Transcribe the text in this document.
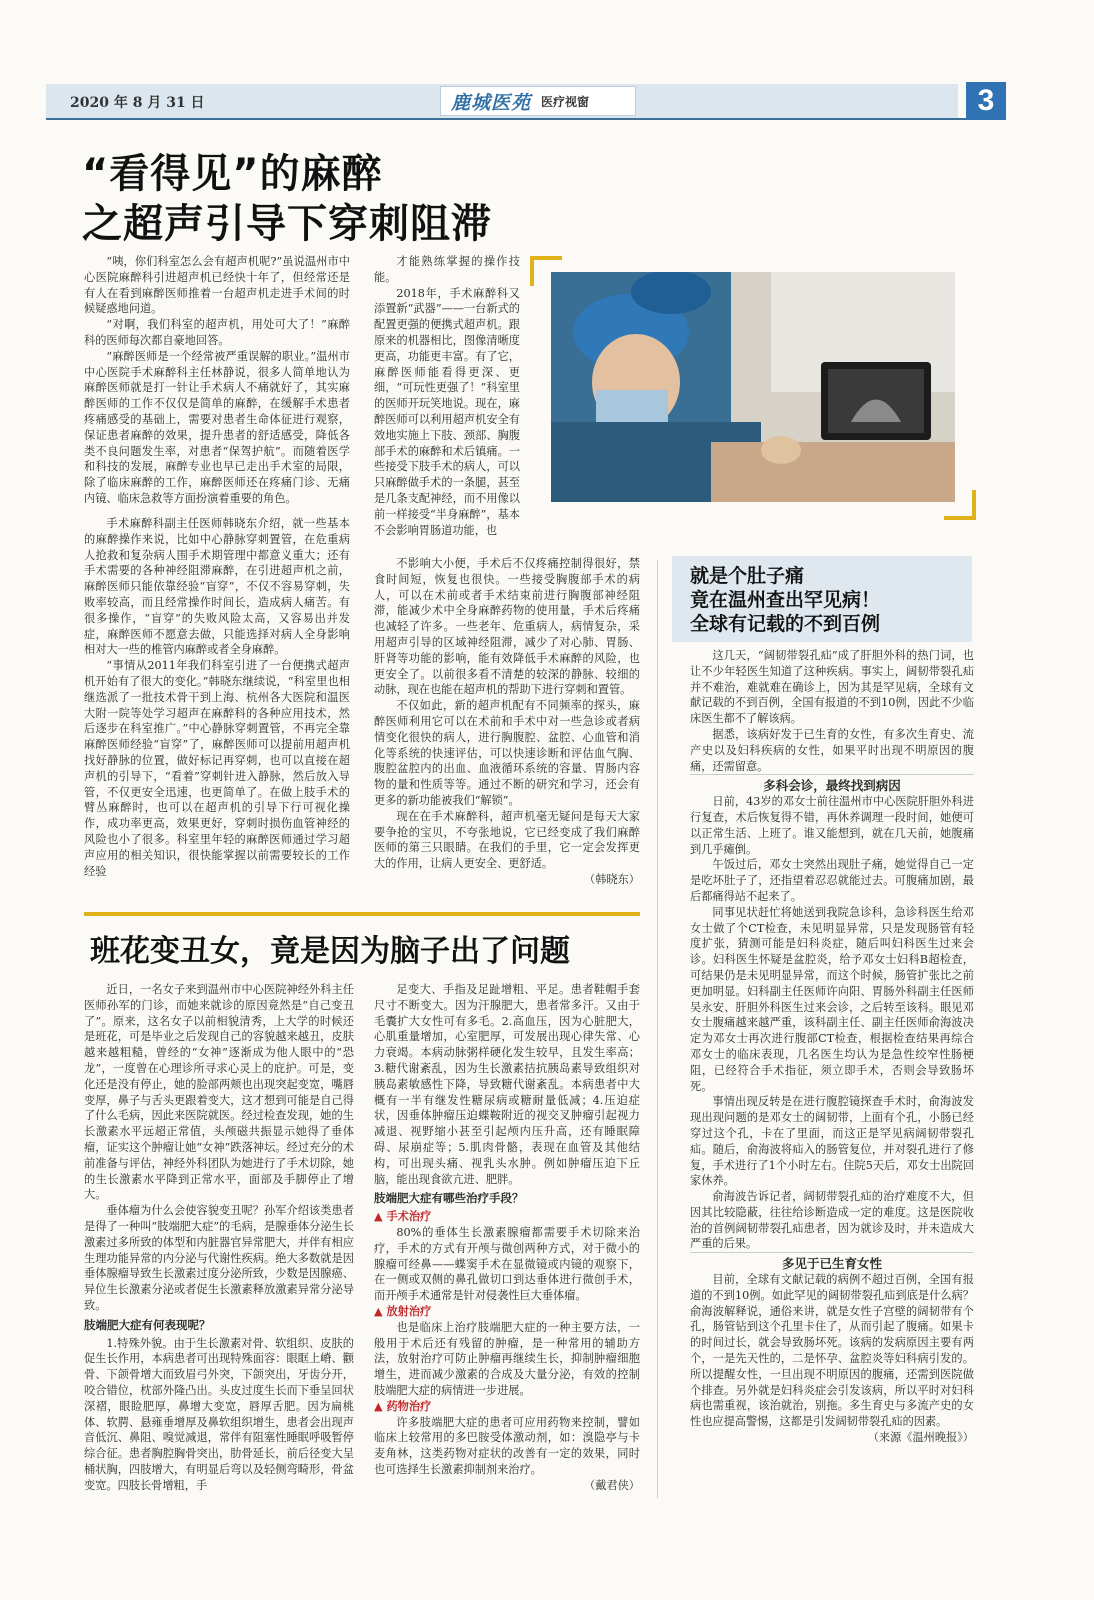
2020 年 8 月 31 日	鹿城医苑 医疗视窗	3
“看得见”的麻醉
之超声引导下穿刺阻滞

“咦，你们科室怎么会有超声机呢?”虽说温州市中心医院麻醉科引进超声机已经快十年了，但经常还是有人在看到麻醉医师推着一台超声机走进手术间的时候疑惑地问道。

“对啊，我们科室的超声机，用处可大了！”麻醉科的医师每次都自豪地回答。

“麻醉医师是一个经常被严重误解的职业。”温州市中心医院手术麻醉科主任林静说，很多人简单地认为麻醉医师就是打一针让手术病人不痛就好了，其实麻醉医师的工作不仅仅是简单的麻醉，在缓解手术患者疼痛感受的基础上，需要对患者生命体征进行观察，保证患者麻醉的效果，提升患者的舒适感受，降低各类不良问题发生率，对患者“保驾护航”。而随着医学和科技的发展，麻醉专业也早已走出手术室的局限，除了临床麻醉的工作，麻醉医师还在疼痛门诊、无痛内镜、临床急救等方面扮演着重要的角色。

手术麻醉科副主任医师韩晓东介绍，就一些基本的麻醉操作来说，比如中心静脉穿刺置管，在危重病人抢救和复杂病人围手术期管理中都意义重大；还有手术需要的各种神经阻滞麻醉，在引进超声机之前，麻醉医师只能依靠经验“盲穿”，不仅不容易穿刺，失败率较高，而且经常操作时间长，造成病人痛苦。有很多操作，“盲穿”的失败风险太高，又容易出并发症，麻醉医师不愿意去做，只能选择对病人全身影响相对大一些的椎管内麻醉或者全身麻醉。

“事情从2011年我们科室引进了一台便携式超声机开始有了很大的变化。”韩晓东继续说，“科室里也相继选派了一批技术骨干到上海、杭州各大医院和温医大附一院等处学习超声在麻醉科的各种应用技术，然后逐步在科室推广。”中心静脉穿刺置管，不再完全靠麻醉医师经验“盲穿”了，麻醉医师可以提前用超声机找好静脉的位置，做好标记再穿刺，也可以直接在超声机的引导下，“看着”穿刺针进入静脉，然后放入导管，不仅更安全迅速，也更简单了。在做上肢手术的臂丛麻醉时，也可以在超声机的引导下行可视化操作，成功率更高，效果更好，穿刺时损伤血管神经的风险也小了很多。科室里年轻的麻醉医师通过学习超声应用的相关知识，很快能掌握以前需要较长的工作经验

才能熟练掌握的操作技能。

2018年，手术麻醉科又添置新“武器”——一台新式的配置更强的便携式超声机。跟原来的机器相比，图像清晰度更高，功能更丰富。有了它，麻醉医师能看得更深、更细，“可玩性更强了！”科室里的医师开玩笑地说。现在，麻醉医师可以利用超声机安全有效地实施上下肢、颈部、胸腹部手术的麻醉和术后镇痛。一些接受下肢手术的病人，可以只麻醉做手术的一条腿，甚至是几条支配神经，而不用像以前一样接受“半身麻醉”，基本不会影响胃肠道功能，也

不影响大小便，手术后不仅疼痛控制得很好，禁食时间短，恢复也很快。一些接受胸腹部手术的病人，可以在术前或者手术结束前进行胸腹部神经阻滞，能减少术中全身麻醉药物的使用量，手术后疼痛也减轻了许多。一些老年、危重病人，病情复杂，采用超声引导的区域神经阻滞，减少了对心肺、胃肠、肝肾等功能的影响，能有效降低手术麻醉的风险，也更安全了。以前很多看不清楚的较深的静脉、较细的动脉，现在也能在超声机的帮助下进行穿刺和置管。

不仅如此，新的超声机配有不同频率的探头，麻醉医师利用它可以在术前和手术中对一些急诊或者病情变化很快的病人，进行胸腹腔、盆腔、心血管和消化等系统的快速评估，可以快速诊断和评估血气胸、腹腔盆腔内的出血、血液循环系统的容量、胃肠内容物的量和性质等等。通过不断的研究和学习，还会有更多的新功能被我们“解锁”。

现在在手术麻醉科，超声机毫无疑问是每天大家要争抢的宝贝，不夸张地说，它已经变成了我们麻醉医师的第三只眼睛。在我们的手里，它一定会发挥更大的作用，让病人更安全、更舒适。

（韩晓东）

班花变丑女，竟是因为脑子出了问题

近日，一名女子来到温州市中心医院神经外科主任医师孙军的门诊，而她来就诊的原因竟然是“自己变丑了”。原来，这名女子以前相貌清秀，上大学的时候还是班花，可是毕业之后发现自己的容貌越来越丑，皮肤越来越粗糙，曾经的“女神”逐渐成为他人眼中的“恐龙”，一度曾在心理诊所寻求心灵上的庇护。可是，变化还是没有停止，她的脸部两颊也出现突起变宽，嘴唇变厚，鼻子与舌头更跟着变大，这才想到可能是自己得了什么毛病，因此来医院就医。经过检查发现，她的生长激素水平远超正常值，头颅磁共振显示她得了垂体瘤，证实这个肿瘤让她“女神”跌落神坛。经过充分的术前准备与评估，神经外科团队为她进行了手术切除，她的生长激素水平降到正常水平，面部及手脚停止了增大。

垂体瘤为什么会使容貌变丑呢？孙军介绍该类患者是得了一种叫“肢端肥大症”的毛病，是腺垂体分泌生长激素过多所致的体型和内脏器官异常肥大，并伴有相应生理功能异常的内分泌与代谢性疾病。绝大多数就是因垂体腺瘤导致生长激素过度分泌所致，少数是因腺癌、异位生长激素分泌或者促生长激素释放激素异常分泌导致。

肢端肥大症有何表现呢？

1.特殊外貌。由于生长激素对骨、软组织、皮肤的促生长作用，本病患者可出现特殊面容：眼眶上嵴、颧骨、下颌骨增大而致眉弓外突，下颌突出，牙齿分开，咬合错位，枕部外隆凸出。头皮过度生长而下垂呈回状深褶，眼睑肥厚，鼻增大变宽，唇厚舌肥。因为扁桃体、软腭、悬雍垂增厚及鼻软组织增生，患者会出现声音低沉、鼻阻、嗅觉减退，常伴有阻塞性睡眠呼吸暂停综合征。患者胸腔胸骨突出，肋骨延长，前后径变大呈桶状胸，四肢增大，有明显后弯以及轻侧弯畸形，骨盆变宽。四肢长骨增粗，手

足变大、手指及足趾增粗、平足。患者鞋帽手套尺寸不断变大。因为汗腺肥大，患者常多汗。又由于毛囊扩大女性可有多毛。2.高血压，因为心脏肥大，心肌重量增加，心室肥厚，可发展出现心律失常、心力衰竭。本病动脉粥样硬化发生较早，且发生率高；3.糖代谢紊乱，因为生长激素拮抗胰岛素导致组织对胰岛素敏感性下降，导致糖代谢紊乱。本病患者中大概有一半有继发性糖尿病或糖耐量低减；4.压迫症状，因垂体肿瘤压迫蝶鞍附近的视交叉肿瘤引起视力减退、视野缩小甚至引起颅内压升高，还有睡眠障碍、尿崩症等；5.肌肉骨骼，表现在血管及其他结构，可出现头痛、视乳头水肿。例如肿瘤压迫下丘脑，能出现食欲亢进、肥胖。

肢端肥大症有哪些治疗手段？

▲ 手术治疗

80%的垂体生长激素腺瘤都需要手术切除来治疗，手术的方式有开颅与微创两种方式，对于微小的腺瘤可经鼻——蝶窦手术在显微镜或内镜的观察下，在一侧或双侧的鼻孔做切口到达垂体进行微创手术，而开颅手术通常是针对侵袭性巨大垂体瘤。

▲ 放射治疗

也是临床上治疗肢端肥大症的一种主要方法，一般用于术后还有残留的肿瘤，是一种常用的辅助方法，放射治疗可防止肿瘤再继续生长，抑制肿瘤细胞增生，进而减少激素的合成及大量分泌，有效的控制肢端肥大症的病情进一步进展。

▲ 药物治疗

许多肢端肥大症的患者可应用药物来控制，譬如临床上较常用的多巴胺受体激动剂，如：溴隐亭与卡麦角林，这类药物对症状的改善有一定的效果，同时也可选择生长激素抑制剂来治疗。

（戴君侠）

就是个肚子痛
竟在温州查出罕见病！
全球有记载的不到百例

这几天，“阔韧带裂孔疝”成了肝胆外科的热门词，也让不少年轻医生知道了这种疾病。事实上，阔韧带裂孔疝并不难治，难就难在确诊上，因为其是罕见病，全球有文献记载的不到百例，全国有报道的不到10例，因此不少临床医生都不了解该病。

据悉，该病好发于已生育的女性，有多次生育史、流产史以及妇科疾病的女性，如果平时出现不明原因的腹痛，还需留意。

多科会诊，最终找到病因

日前，43岁的邓女士前往温州市中心医院肝胆外科进行复查，术后恢复得不错，再休养调理一段时间，她便可以正常生活、上班了。谁又能想到，就在几天前，她腹痛到几乎瘫倒。

午饭过后，邓女士突然出现肚子痛，她觉得自己一定是吃坏肚子了，还指望着忍忍就能过去。可腹痛加剧，最后都痛得站不起来了。

同事见状赶忙将她送到我院急诊科，急诊科医生给邓女士做了个CT检查，未见明显异常，只是发现肠管有轻度扩张，猜测可能是妇科炎症，随后叫妇科医生过来会诊。妇科医生怀疑是盆腔炎，给予邓女士妇科B超检查，可结果仍是未见明显异常，而这个时候，肠管扩张比之前更加明显。妇科副主任医师许向阳、胃肠外科副主任医师吴永安、肝胆外科医生过来会诊，之后转至该科。眼见邓女士腹痛越来越严重，该科副主任、副主任医师俞海波决定为邓女士再次进行腹部CT检查，根据检查结果再综合邓女士的临床表现，几名医生均认为是急性绞窄性肠梗阻，已经符合手术指征，须立即手术，否则会导致肠坏死。

事情出现反转是在进行腹腔镜探查手术时，俞海波发现出现问题的是邓女士的阔韧带，上面有个孔，小肠已经穿过这个孔，卡在了里面，而这正是罕见病阔韧带裂孔疝。随后，俞海波将疝入的肠管复位，并对裂孔进行了修复，手术进行了1个小时左右。住院5天后，邓女士出院回家休养。

俞海波告诉记者，阔韧带裂孔疝的治疗难度不大，但因其比较隐蔽，往往给诊断造成一定的难度。这是医院收治的首例阔韧带裂孔疝患者，因为就诊及时，并未造成大严重的后果。

多见于已生育女性

目前，全球有文献记载的病例不超过百例，全国有报道的不到10例。如此罕见的阔韧带裂孔疝到底是什么病？俞海波解释说，通俗来讲，就是女性子宫壁的阔韧带有个孔，肠管钻到这个孔里卡住了，从而引起了腹痛。如果卡的时间过长，就会导致肠坏死。该病的发病原因主要有两个，一是先天性的，二是怀孕、盆腔炎等妇科病引发的。所以提醒女性，一旦出现不明原因的腹痛，还需到医院做个排查。另外就是妇科炎症会引发该病，所以平时对妇科病也需重视，该治就治，别拖。多生育史与多流产史的女性也应提高警惕，这都是引发阔韧带裂孔疝的因素。

（来源《温州晚报》）
